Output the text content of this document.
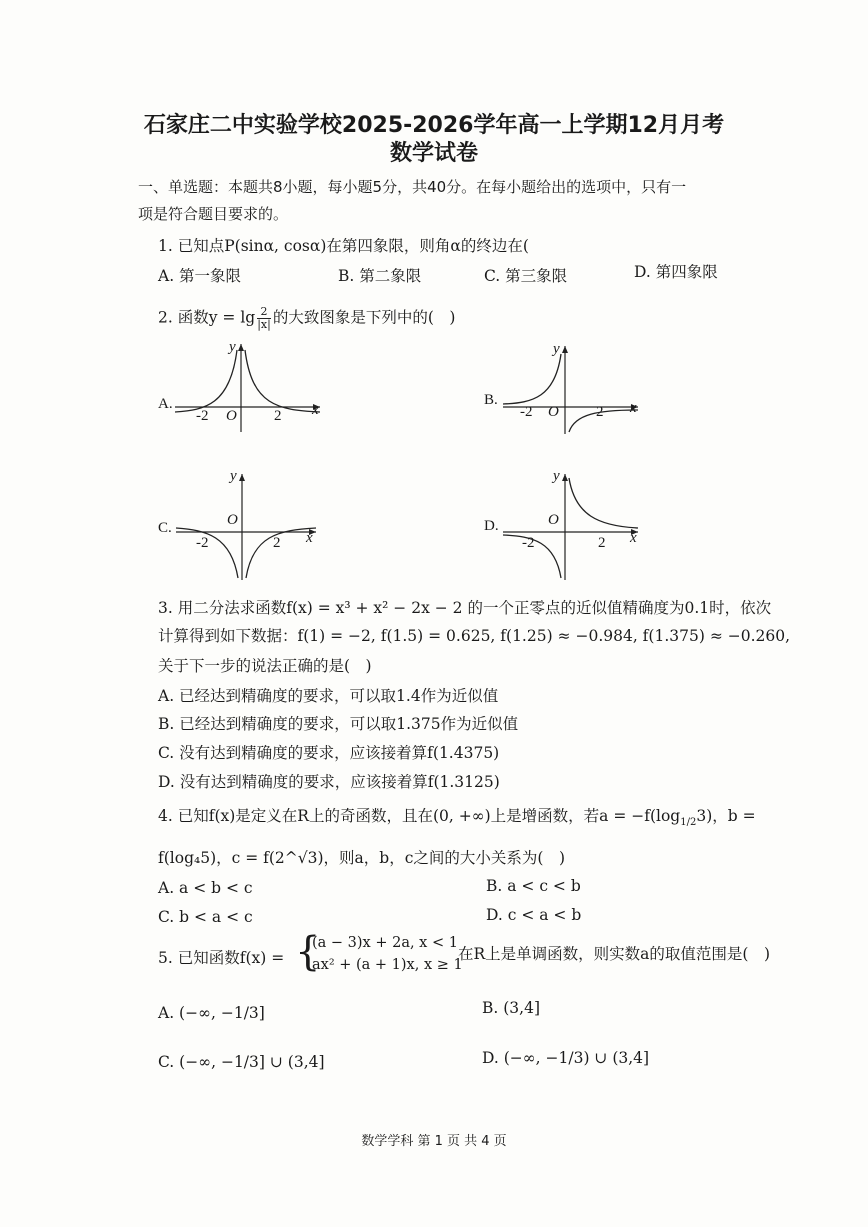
石家庄二中实验学校2025-2026学年高一上学期12月月考
数学试卷
一、单选题：本题共8小题，每小题5分，共40分。在每小题给出的选项中，只有一
项是符合题目要求的。
1. 已知点P(sinα, cosα)在第四象限，则角α的终边在(
A. 第一象限	B. 第二象限	C. 第三象限	D. 第四象限
2. 函数$y = \lg \frac{2}{|x|}$ 的大致图象是下列中的(　)
A.
y
x
O
-2	2
B.
y
x
O
-2	2
C.
y
x
O
-2	2
D.
y
x
O
-2	2
3. 用二分法求函数f(x) = x³ + x² − 2x − 2 的一个正零点的近似值精确度为0.1时，依次
计算得到如下数据：f(1) = −2, f(1.5) = 0.625, f(1.25) ≈ −0.984, f(1.375) ≈ −0.260,
关于下一步的说法正确的是(　)
A. 已经达到精确度的要求，可以取1.4作为近似值
B. 已经达到精确度的要求，可以取1.375作为近似值
C. 没有达到精确度的要求，应该接着算f(1.4375)
D. 没有达到精确度的要求，应该接着算f(1.3125)
4. 已知f(x)是定义在R上的奇函数，且在(0, +∞)上是增函数，若$a = -f(\log_{1/2}3)$，b =
f(log₄5)，c = f(2^√3)，则a，b，c之间的大小关系为(　)
A. a < b < c	B. a < c < b
C. b < a < c	D. c < a < b
5. 已知函数f(x) = {
(a − 3)x + 2a, x < 1
ax² + (a + 1)x, x ≥ 1
在R上是单调函数，则实数a的取值范围是(　)
A. (−∞, −1/3]	B. (3,4]
C. (−∞, −1/3] ∪ (3,4]	D. (−∞, −1/3) ∪ (3,4]
数学学科 第 1 页 共 4 页
